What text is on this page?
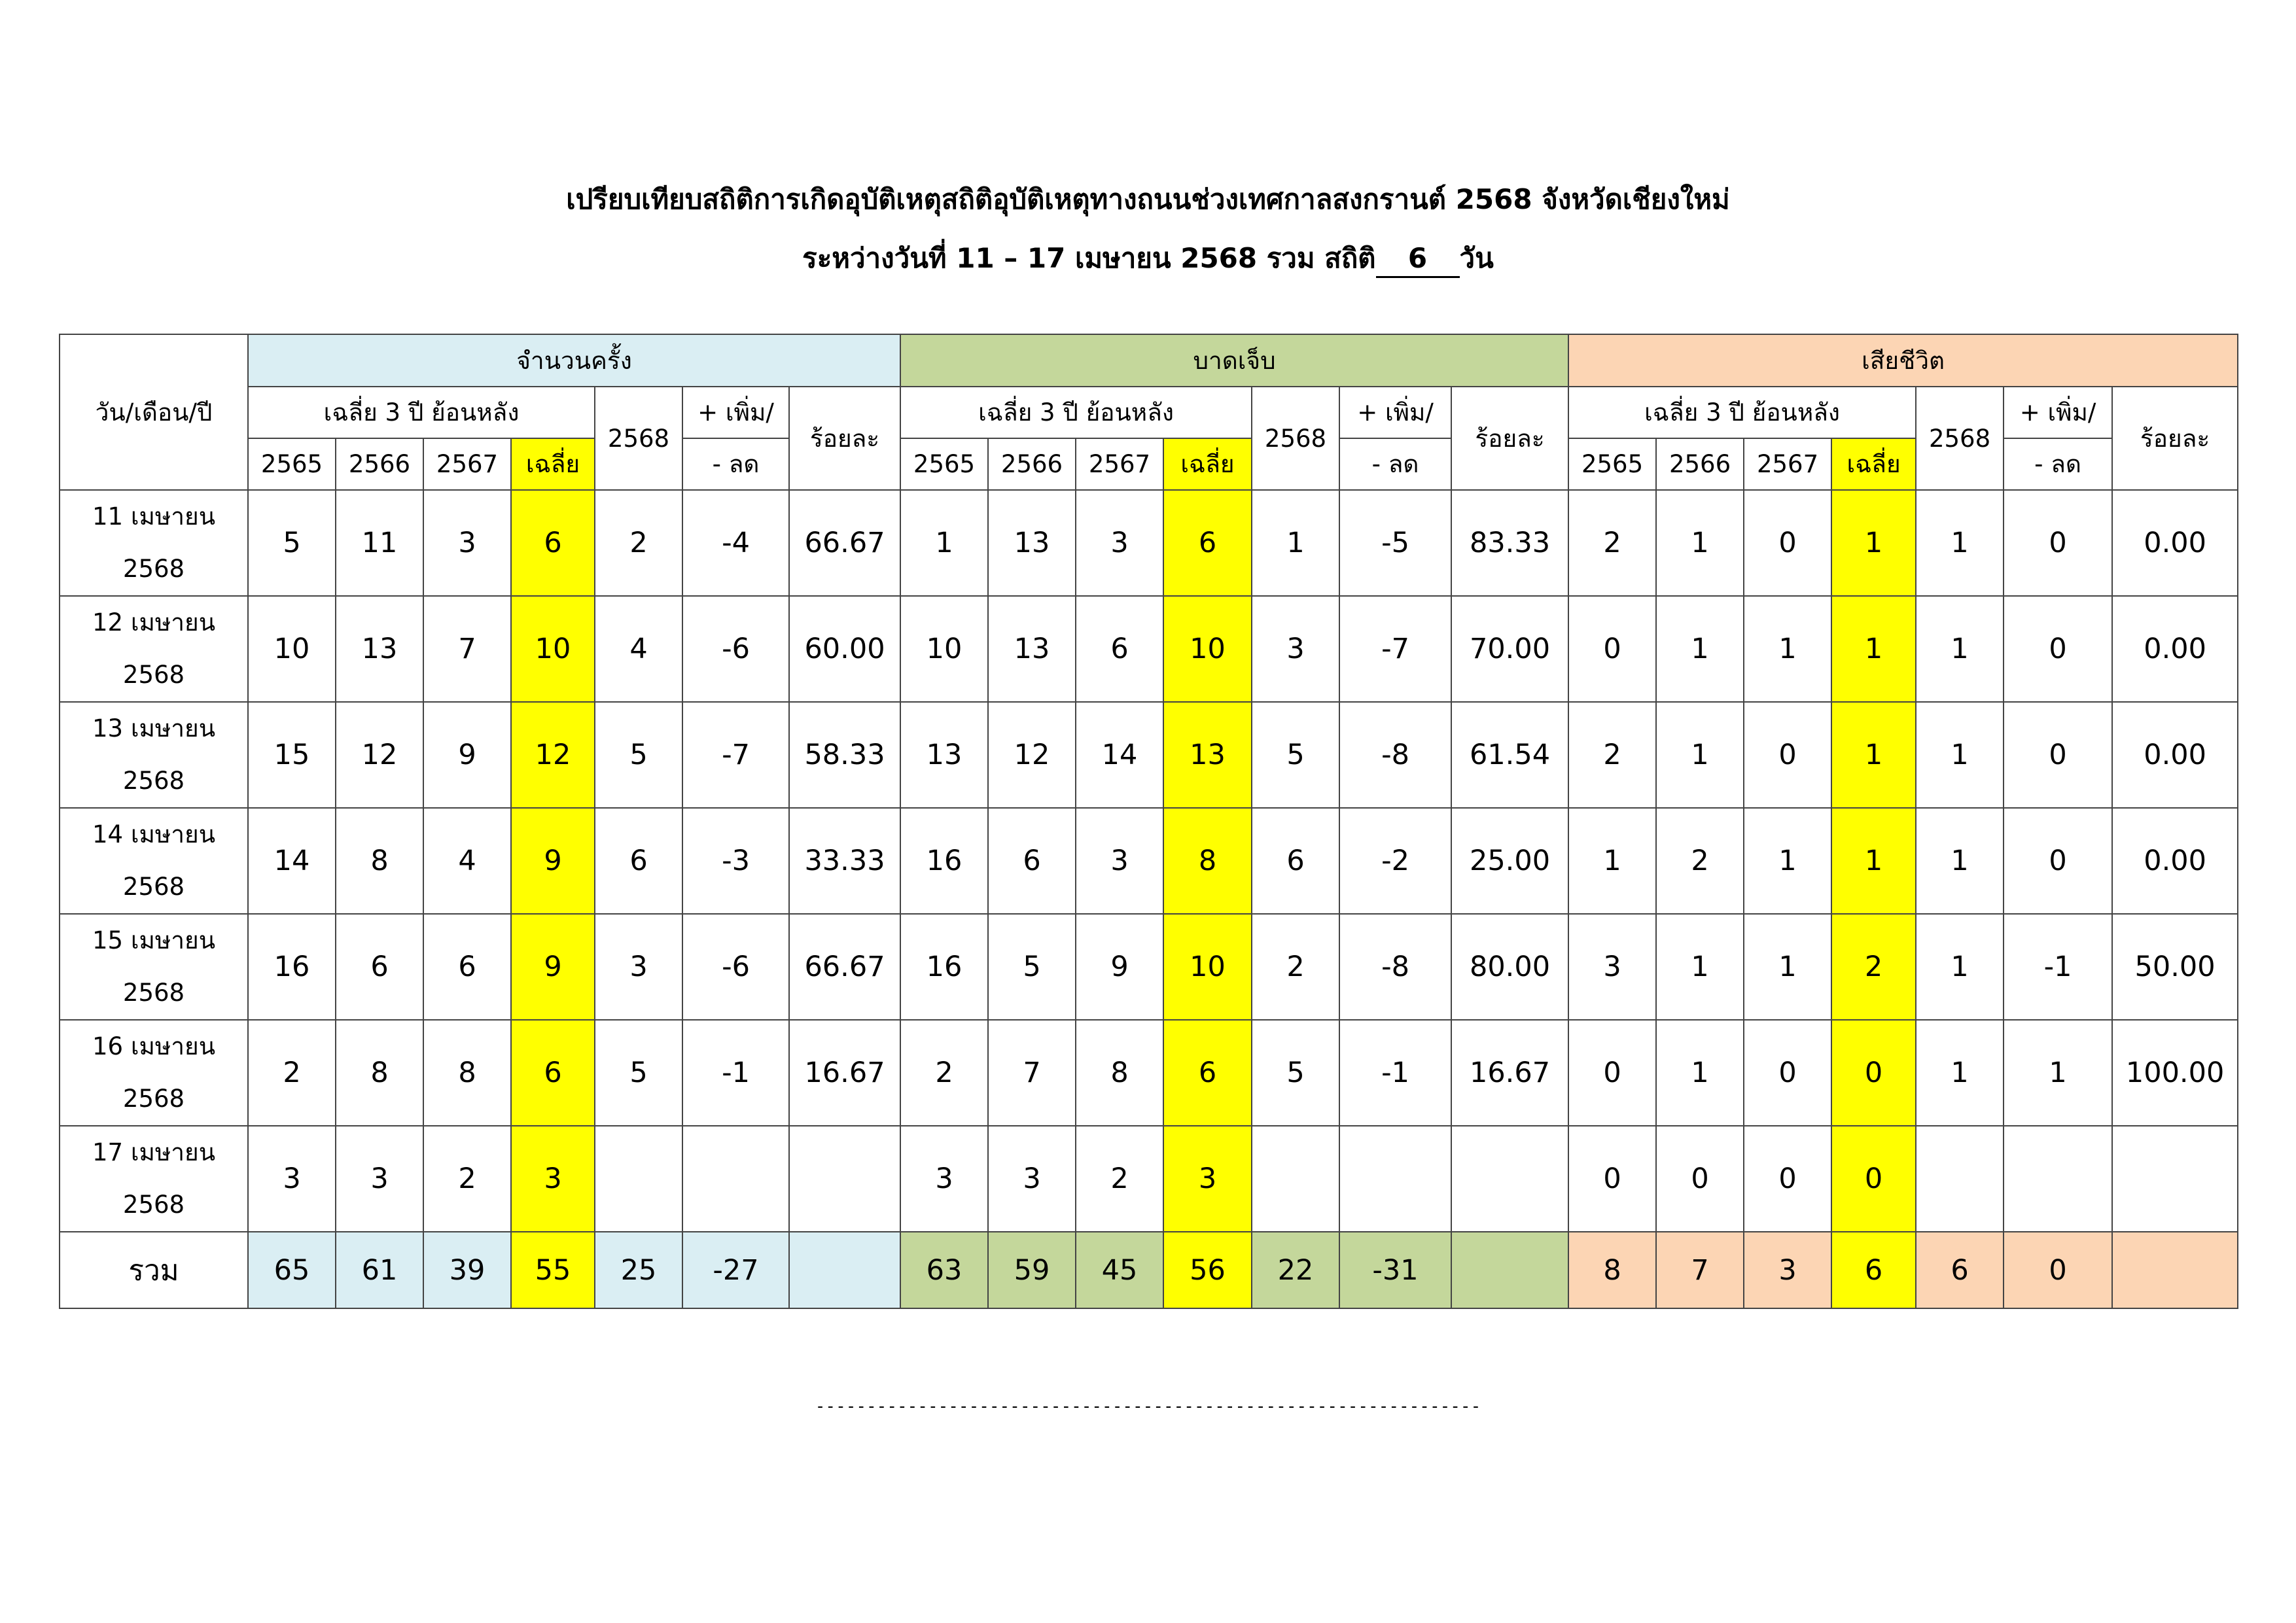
เปรียบเทียบสถิติการเกิดอุบัติเหตุสถิติอุบัติเหตุทางถนนช่วงเทศกาลสงกรานต์ 2568 จังหวัดเชียงใหม่
ระหว่างวันที่ 11 – 17 เมษายน 2568 รวม สถิติ 6 วัน
วัน/เดือน/ปี	จำนวนครั้ง							บาดเจ็บ							เสียชีวิต						
	เฉลี่ย 3 ปี ย้อนหลัง				2568	+ เพิ่ม/	ร้อยละ	เฉลี่ย 3 ปี ย้อนหลัง				2568	+ เพิ่ม/	ร้อยละ	เฉลี่ย 3 ปี ย้อนหลัง				2568	+ เพิ่ม/	ร้อยละ
	2565	2566	2567	เฉลี่ย		- ลด		2565	2566	2567	เฉลี่ย		- ลด		2565	2566	2567	เฉลี่ย		- ลด	

11 เมษายน
2568	5	11	3	6	2	-4	66.67	1	13	3	6	1	-5	83.33	2	1	0	1	1	0	0.00

12 เมษายน
2568	10	13	7	10	4	-6	60.00	10	13	6	10	3	-7	70.00	0	1	1	1	1	0	0.00

13 เมษายน
2568	15	12	9	12	5	-7	58.33	13	12	14	13	5	-8	61.54	2	1	0	1	1	0	0.00

14 เมษายน
2568	14	8	4	9	6	-3	33.33	16	6	3	8	6	-2	25.00	1	2	1	1	1	0	0.00

15 เมษายน
2568	16	6	6	9	3	-6	66.67	16	5	9	10	2	-8	80.00	3	1	1	2	1	-1	50.00

16 เมษายน
2568	2	8	8	6	5	-1	16.67	2	7	8	6	5	-1	16.67	0	1	0	0	1	1	100.00

17 เมษายน
2568	3	3	2	3				3	3	2	3				0	0	0	0			
รวม	65	61	39	55	25	-27		63	59	45	56	22	-31		8	7	3	6	6	0	
-----------------------------------------------------------------
